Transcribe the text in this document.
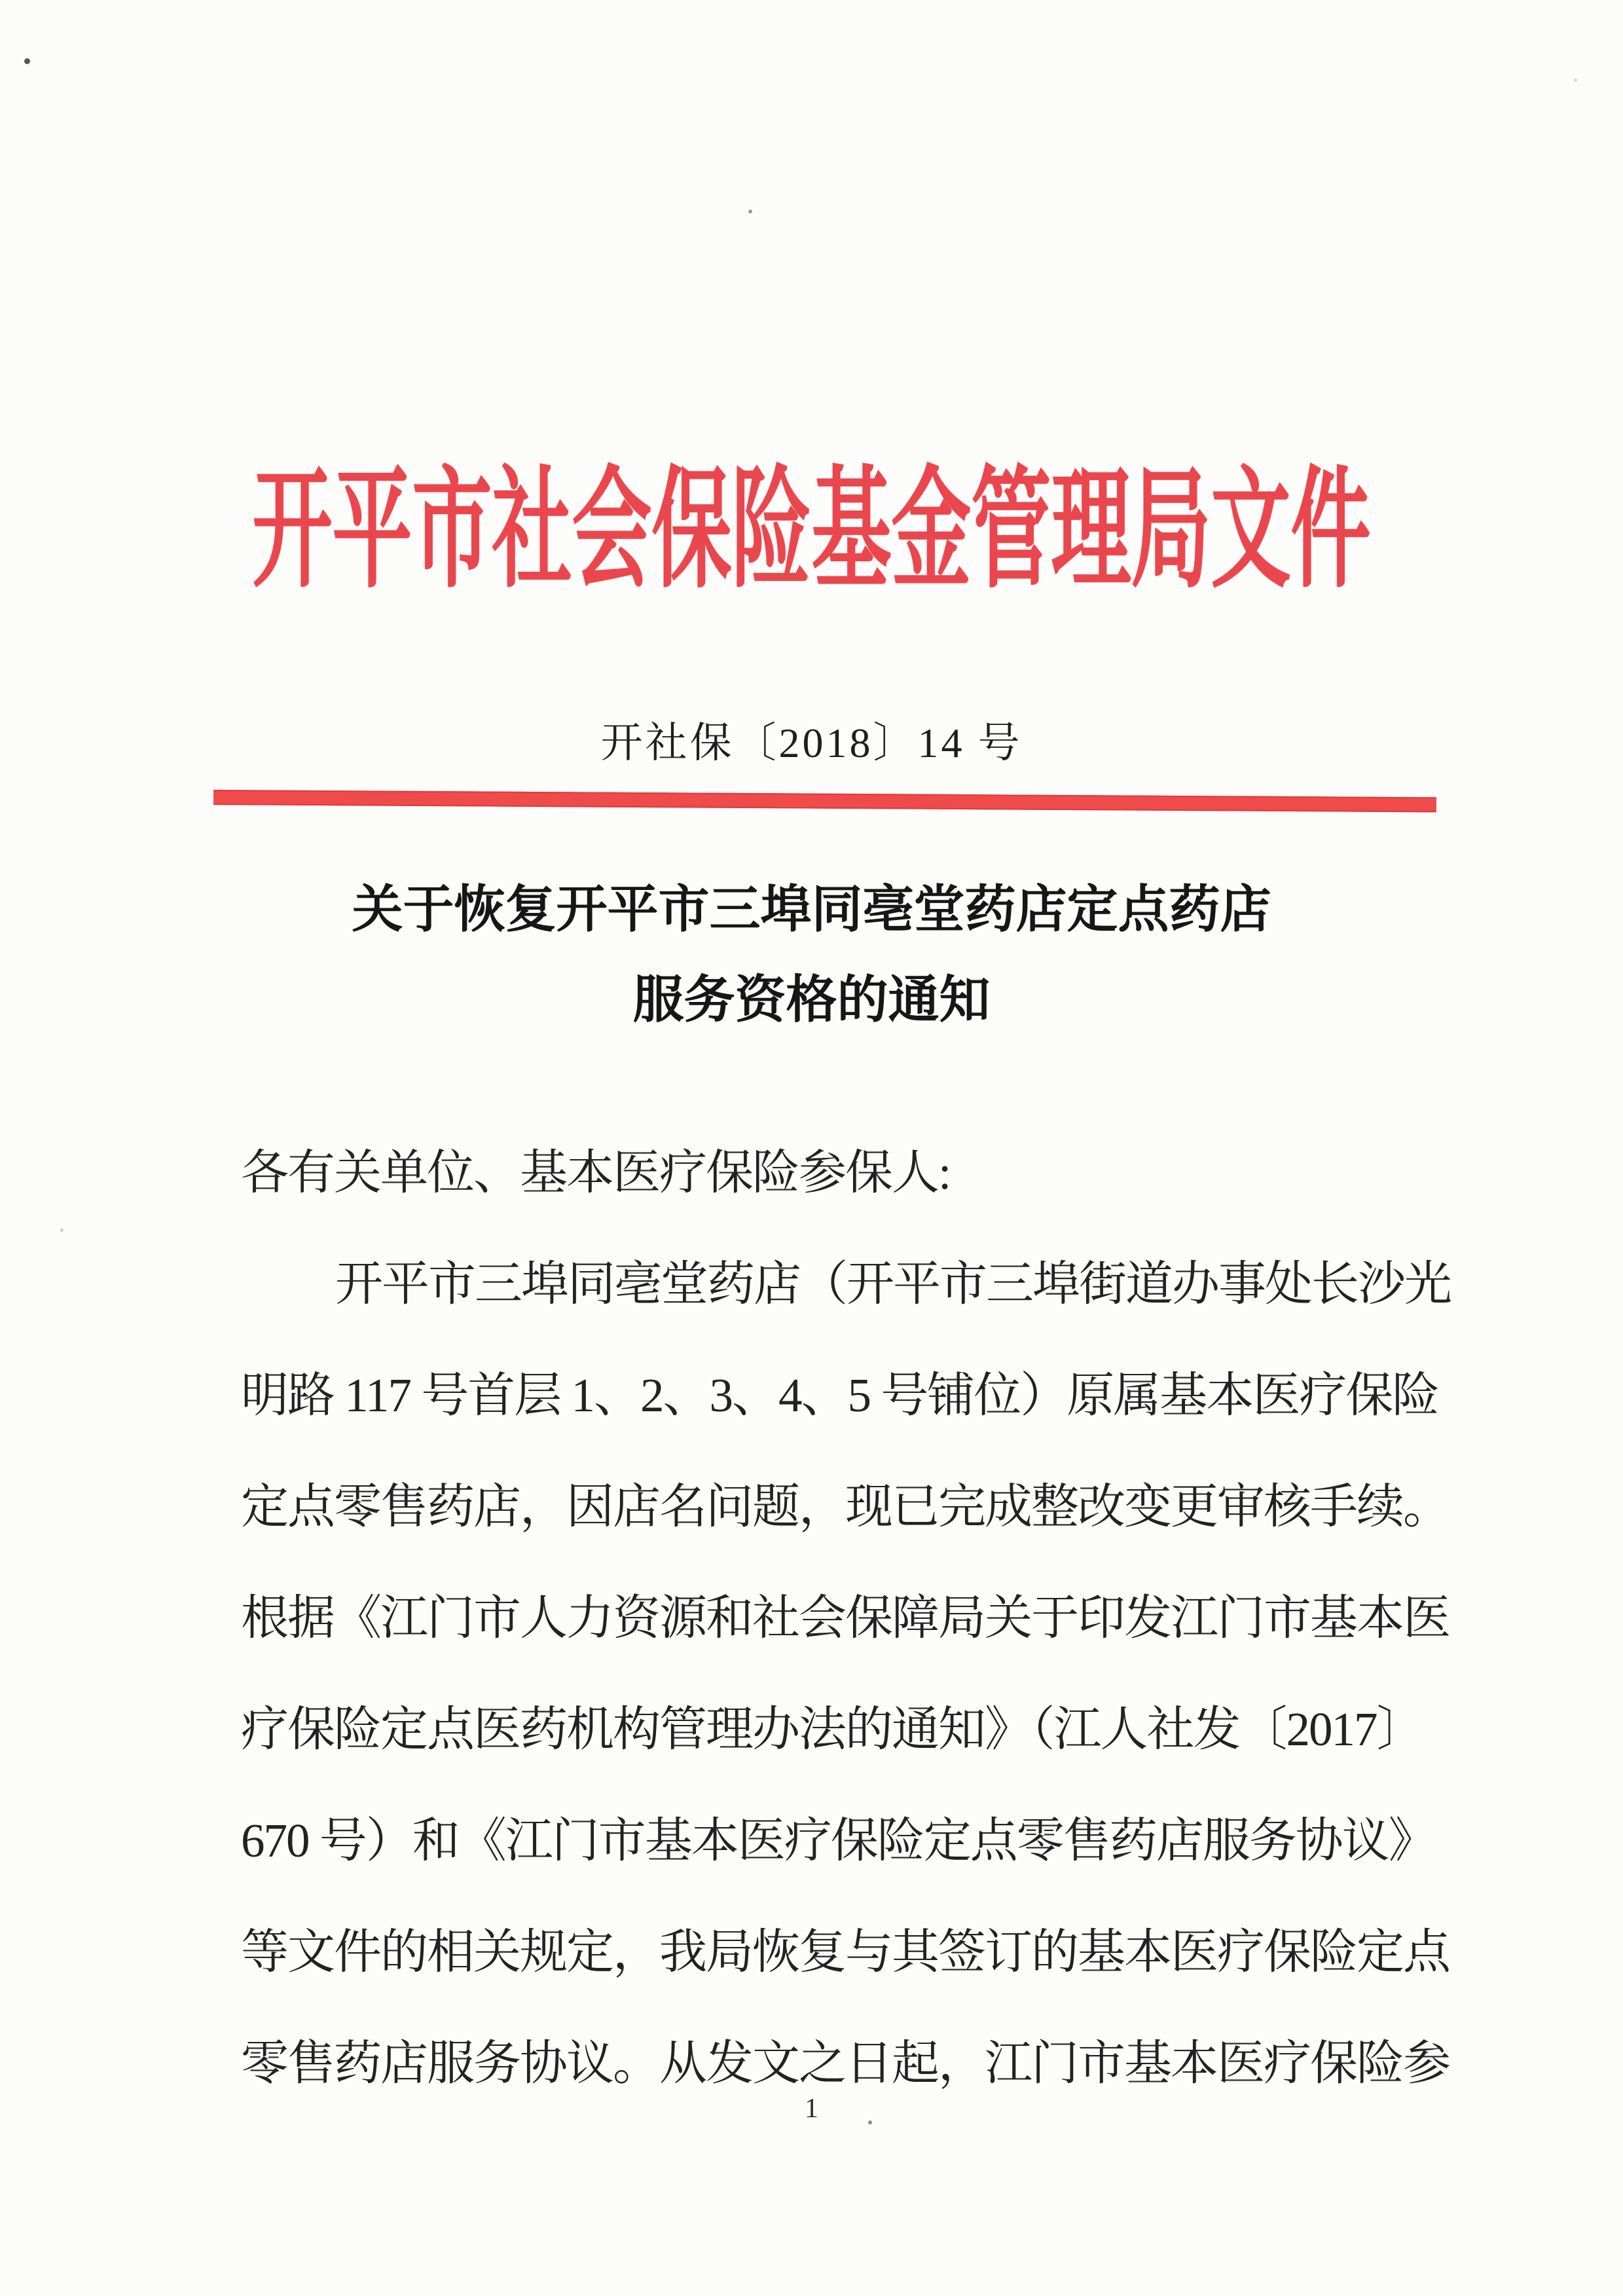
开平市社会保险基金管理局文件
开社保〔2018〕14 号
关于恢复开平市三埠同亳堂药店定点药店
服务资格的通知
各有关单位、基本医疗保险参保人:
开平市三埠同亳堂药店（开平市三埠街道办事处长沙光
明路 117 号首层 1、2、3、4、5 号铺位）原属基本医疗保险
定点零售药店，因店名问题，现已完成整改变更审核手续。
根据《江门市人力资源和社会保障局关于印发江门市基本医
疗保险定点医药机构管理办法的通知》（江人社发〔2017〕
670 号）和《江门市基本医疗保险定点零售药店服务协议》
等文件的相关规定，我局恢复与其签订的基本医疗保险定点
零售药店服务协议。从发文之日起，江门市基本医疗保险参
1
